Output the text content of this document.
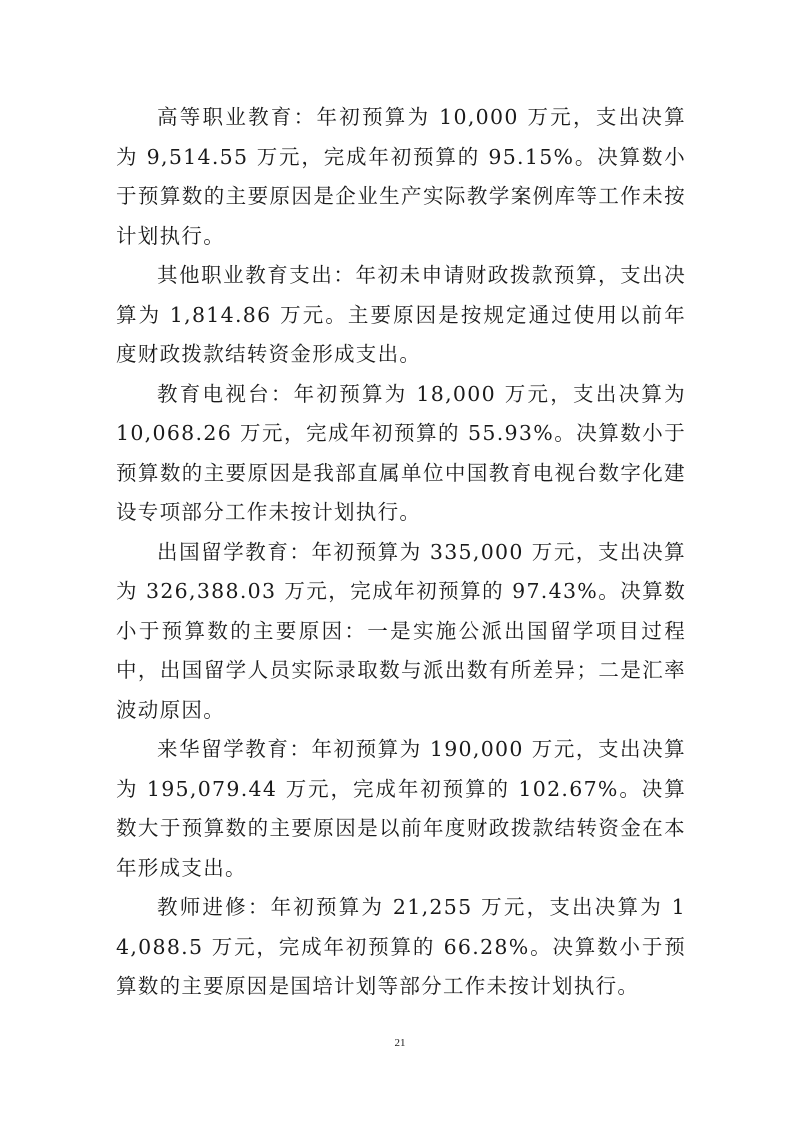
高等职业教育：年初预算为 10,000 万元，支出决算为 9,514.55 万元，完成年初预算的 95.15%。决算数小于预算数的主要原因是企业生产实际教学案例库等工作未按计划执行。

其他职业教育支出：年初未申请财政拨款预算，支出决算为 1,814.86 万元。主要原因是按规定通过使用以前年度财政拨款结转资金形成支出。

教育电视台：年初预算为 18,000 万元，支出决算为 10,068.26 万元，完成年初预算的 55.93%。决算数小于预算数的主要原因是我部直属单位中国教育电视台数字化建设专项部分工作未按计划执行。

出国留学教育：年初预算为 335,000 万元，支出决算为 326,388.03 万元，完成年初预算的 97.43%。决算数小于预算数的主要原因：一是实施公派出国留学项目过程中，出国留学人员实际录取数与派出数有所差异；二是汇率波动原因。

来华留学教育：年初预算为 190,000 万元，支出决算为 195,079.44 万元，完成年初预算的 102.67%。决算数大于预算数的主要原因是以前年度财政拨款结转资金在本年形成支出。

教师进修：年初预算为 21,255 万元，支出决算为 14,088.5 万元，完成年初预算的 66.28%。决算数小于预算数的主要原因是国培计划等部分工作未按计划执行。

21
